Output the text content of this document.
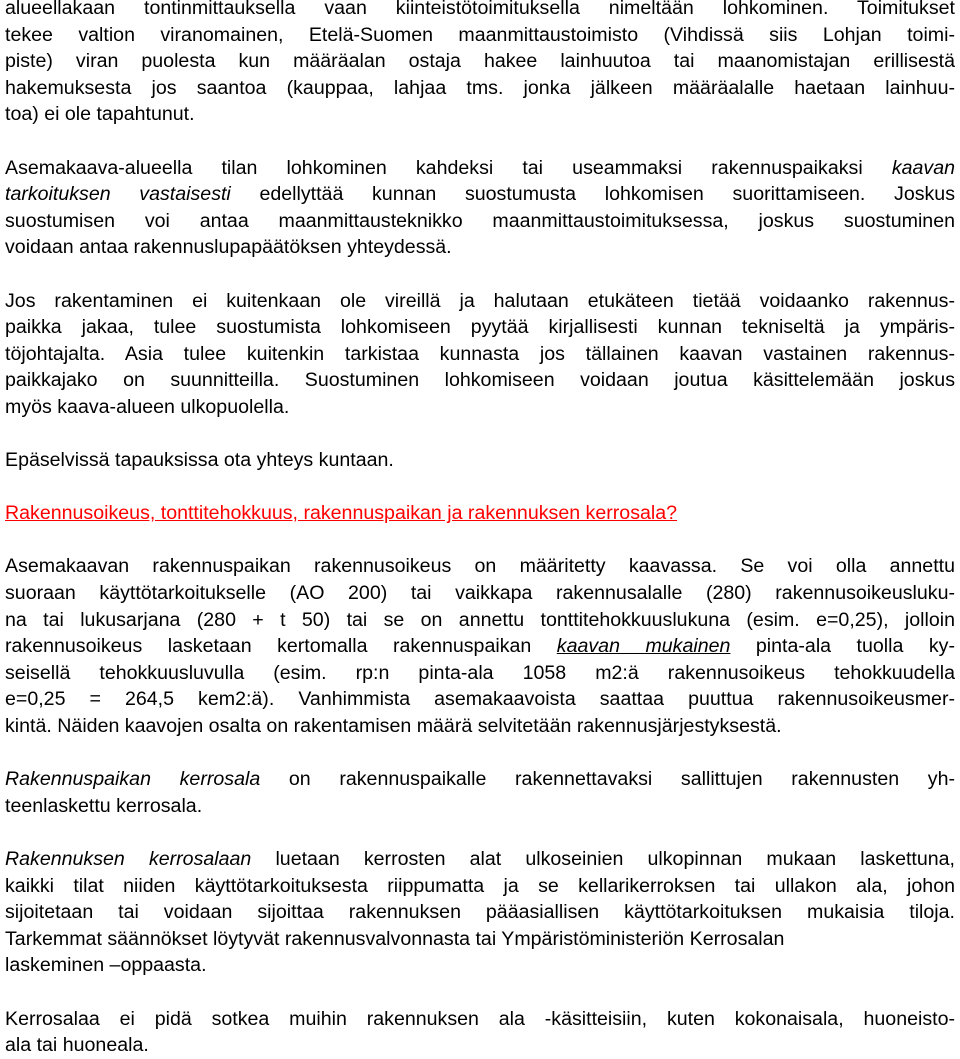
alueellakaan tontinmittauksella vaan kiinteistötoimituksella nimeltään lohkominen. Toimitukset
tekee valtion viranomainen, Etelä-Suomen maanmittaustoimisto (Vihdissä siis Lohjan toimi-
piste) viran puolesta kun määräalan ostaja hakee lainhuutoa tai maanomistajan erillisestä
hakemuksesta jos saantoa (kauppaa, lahjaa tms. jonka jälkeen määräalalle haetaan lainhuu-
toa) ei ole tapahtunut.
Asemakaava-alueella tilan lohkominen kahdeksi tai useammaksi rakennuspaikaksi kaavan
tarkoituksen vastaisesti edellyttää kunnan suostumusta lohkomisen suorittamiseen. Joskus
suostumisen voi antaa maanmittausteknikko maanmittaustoimituksessa, joskus suostuminen
voidaan antaa rakennuslupapäätöksen yhteydessä.
Jos rakentaminen ei kuitenkaan ole vireillä ja halutaan etukäteen tietää voidaanko rakennus-
paikka jakaa, tulee suostumista lohkomiseen pyytää kirjallisesti kunnan tekniseltä ja ympäris-
töjohtajalta. Asia tulee kuitenkin tarkistaa kunnasta jos tällainen kaavan vastainen rakennus-
paikkajako on suunnitteilla. Suostuminen lohkomiseen voidaan joutua käsittelemään joskus
myös kaava-alueen ulkopuolella.
Epäselvissä tapauksissa ota yhteys kuntaan.
Rakennusoikeus, tonttitehokkuus, rakennuspaikan ja rakennuksen kerrosala?
Asemakaavan rakennuspaikan rakennusoikeus on määritetty kaavassa. Se voi olla annettu
suoraan käyttötarkoitukselle (AO 200) tai vaikkapa rakennusalalle (280) rakennusoikeusluku-
na tai lukusarjana (280 + t 50) tai se on annettu tonttitehokkuuslukuna (esim. e=0,25), jolloin
rakennusoikeus lasketaan kertomalla rakennuspaikan kaavan mukainen pinta-ala tuolla ky-
seisellä tehokkuusluvulla (esim. rp:n pinta-ala 1058 m2:ä rakennusoikeus tehokkuudella
e=0,25 = 264,5 kem2:ä). Vanhimmista asemakaavoista saattaa puuttua rakennusoikeusmer-
kintä. Näiden kaavojen osalta on rakentamisen määrä selvitetään rakennusjärjestyksestä.
Rakennuspaikan kerrosala on rakennuspaikalle rakennettavaksi sallittujen rakennusten yh-
teenlaskettu kerrosala.
Rakennuksen kerrosalaan luetaan kerrosten alat ulkoseinien ulkopinnan mukaan laskettuna,
kaikki tilat niiden käyttötarkoituksesta riippumatta ja se kellarikerroksen tai ullakon ala, johon
sijoitetaan tai voidaan sijoittaa rakennuksen pääasiallisen käyttötarkoituksen mukaisia tiloja.
Tarkemmat säännökset löytyvät rakennusvalvonnasta tai Ympäristöministeriön Kerrosalan
laskeminen –oppaasta.
Kerrosalaa ei pidä sotkea muihin rakennuksen ala -käsitteisiin, kuten kokonaisala, huoneisto-
ala tai huoneala.
